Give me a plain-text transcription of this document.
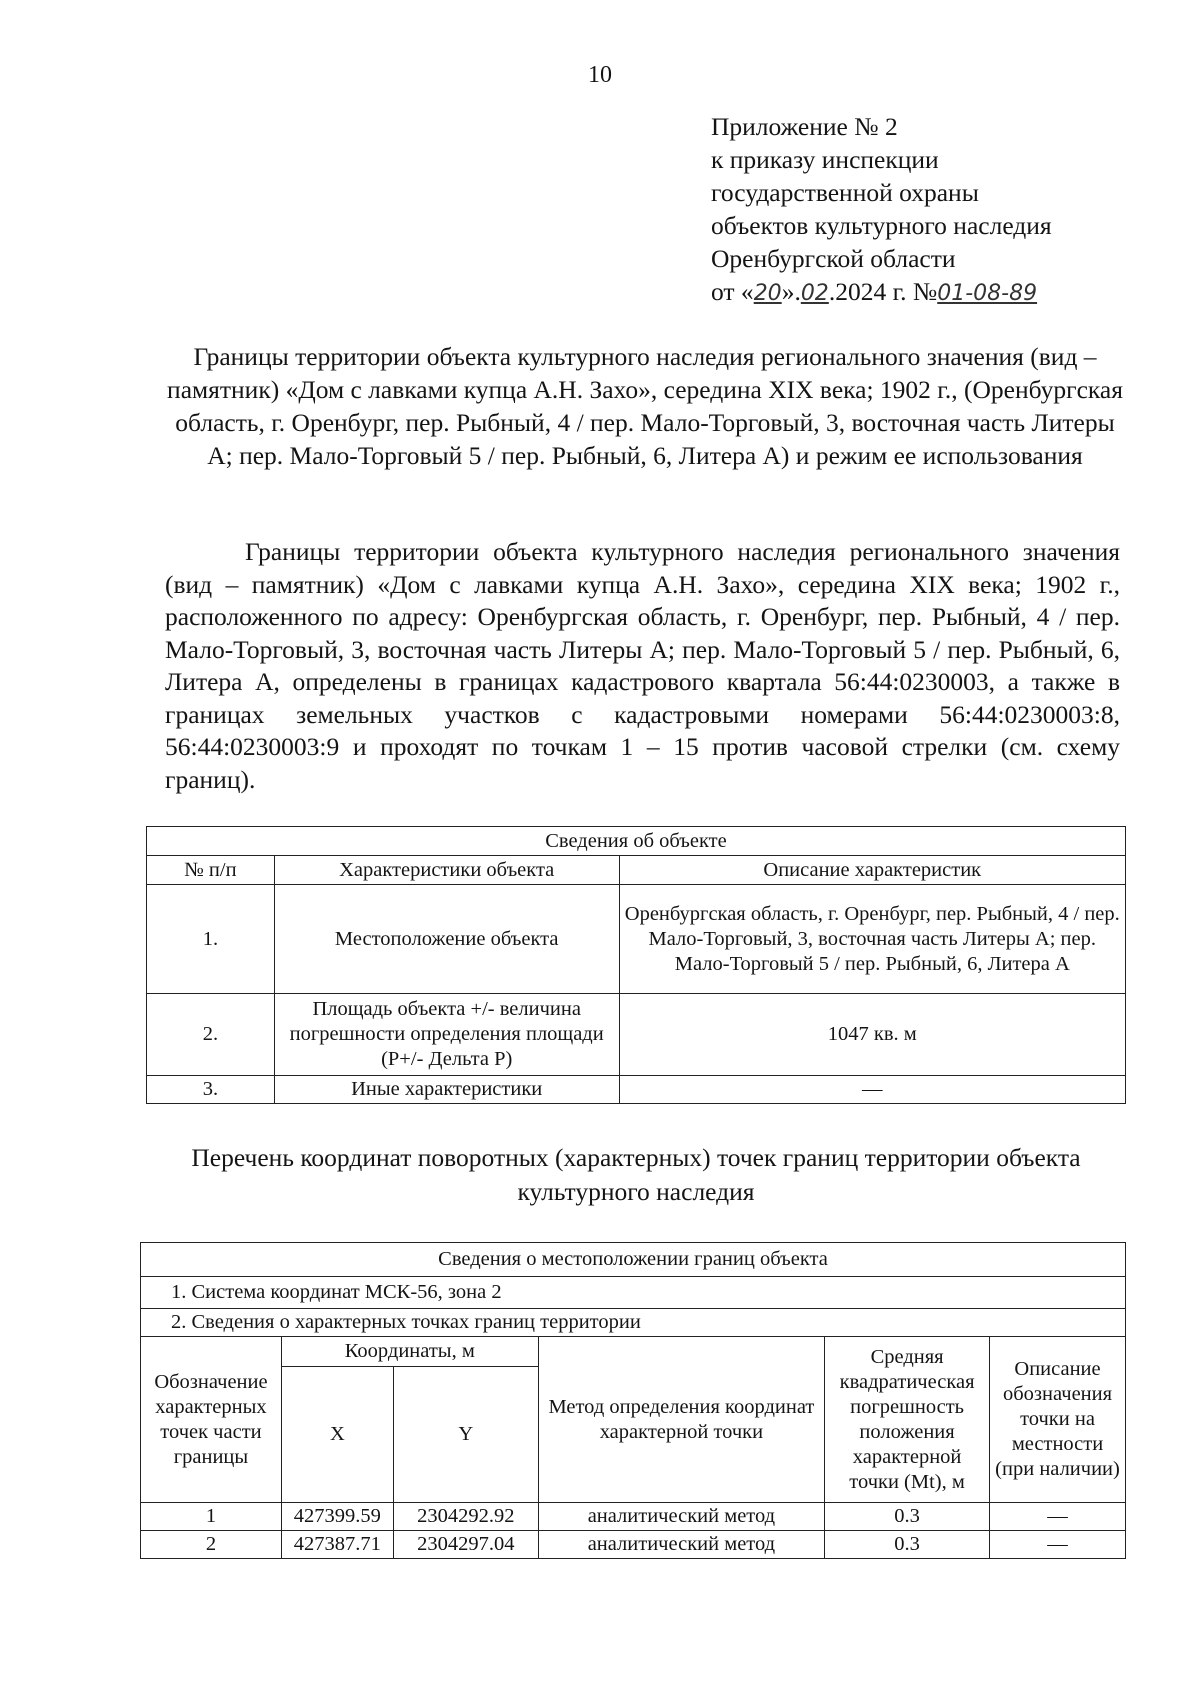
10
Приложение № 2
к приказу инспекции
государственной охраны
объектов культурного наследия
Оренбургской области
от «20».02.2024 г. №01-08-89
Границы территории объекта культурного наследия регионального значения (вид – памятник) «Дом с лавками купца А.Н. Захо», середина XIX века; 1902 г., (Оренбургская область, г. Оренбург, пер. Рыбный, 4 / пер. Мало-Торговый, 3, восточная часть Литеры А; пер. Мало-Торговый 5 / пер. Рыбный, 6, Литера А) и режим ее использования
Границы территории объекта культурного наследия регионального значения (вид – памятник) «Дом с лавками купца А.Н. Захо», середина XIX века; 1902 г., расположенного по адресу: Оренбургская область, г. Оренбург, пер. Рыбный, 4 / пер. Мало-Торговый, 3, восточная часть Литеры А; пер. Мало-Торговый 5 / пер. Рыбный, 6, Литера А, определены в границах кадастрового квартала 56:44:0230003, а также в границах земельных участков с кадастровыми номерами 56:44:0230003:8, 56:44:0230003:9 и проходят по точкам 1 – 15 против часовой стрелки (см. схему границ).
Сведения об объекте		
№ п/п	Характеристики объекта	Описание характеристик
1.	Местоположение объекта	Оренбургская область, г. Оренбург, пер. Рыбный, 4 / пер. Мало-Торговый, 3, восточная часть Литеры А; пер. Мало-Торговый 5 / пер. Рыбный, 6, Литера А
2.	Площадь объекта +/- величина погрешности определения площади (Р+/- Дельта Р)	1047 кв. м
3.	Иные характеристики	—
Перечень координат поворотных (характерных) точек границ территории объекта культурного наследия
Сведения о местоположении границ объекта					
1. Система координат МСК-56, зона 2					
2. Сведения о характерных точках границ территории					
Обозначение характерных точек части границы	Координаты, м		Метод определения координат характерной точки	Средняя квадратическая погрешность положения характерной точки (Mt), м	Описание обозначения точки на местности (при наличии)
	X	Y			
1	427399.59	2304292.92	аналитический метод	0.3	—
2	427387.71	2304297.04	аналитический метод	0.3	—
